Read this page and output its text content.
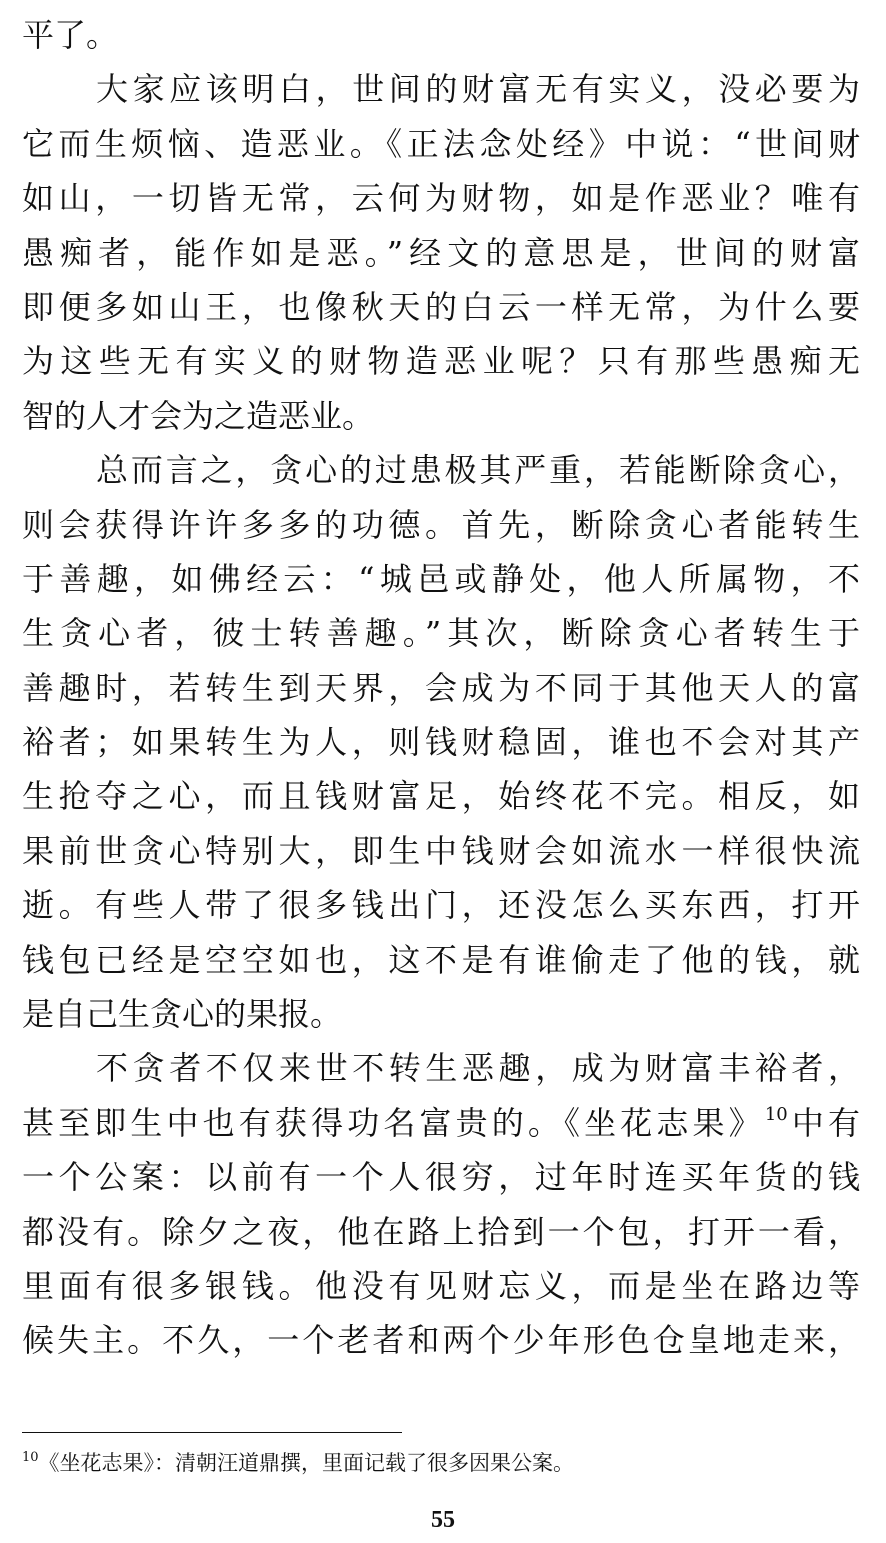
平了。
大家应该明白，世间的财富无有实义，没必要为
它而生烦恼、造恶业。《正法念处经》中说：“世间财
如山，一切皆无常，云何为财物，如是作恶业？唯有
愚痴者，能作如是恶。”经文的意思是，世间的财富
即便多如山王，也像秋天的白云一样无常，为什么要
为这些无有实义的财物造恶业呢？只有那些愚痴无
智的人才会为之造恶业。
总而言之，贪心的过患极其严重，若能断除贪心，
则会获得许许多多的功德。首先，断除贪心者能转生
于善趣，如佛经云：“城邑或静处，他人所属物，不
生贪心者，彼士转善趣。”其次，断除贪心者转生于
善趣时，若转生到天界，会成为不同于其他天人的富
裕者；如果转生为人，则钱财稳固，谁也不会对其产
生抢夺之心，而且钱财富足，始终花不完。相反，如
果前世贪心特别大，即生中钱财会如流水一样很快流
逝。有些人带了很多钱出门，还没怎么买东西，打开
钱包已经是空空如也，这不是有谁偷走了他的钱，就
是自己生贪心的果报。
不贪者不仅来世不转生恶趣，成为财富丰裕者，
甚至即生中也有获得功名富贵的。《坐花志果》$^{10}$中有
一个公案：以前有一个人很穷，过年时连买年货的钱
都没有。除夕之夜，他在路上拾到一个包，打开一看，
里面有很多银钱。他没有见财忘义，而是坐在路边等
候失主。不久，一个老者和两个少年形色仓皇地走来，
$^{10}$《坐花志果》：清朝汪道鼎撰，里面记载了很多因果公案。
55
